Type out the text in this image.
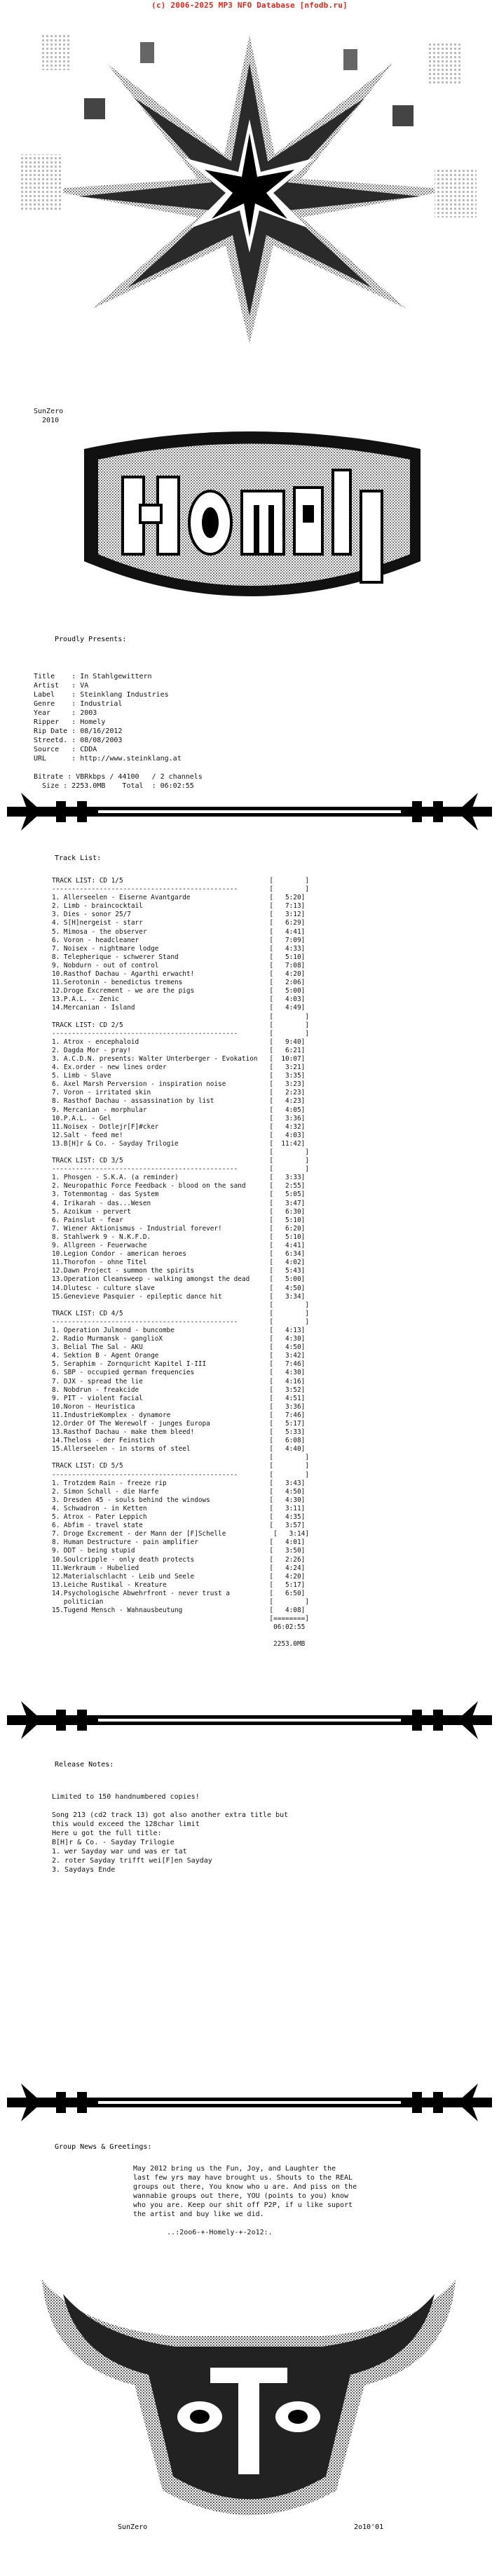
(c) 2006-2025 MP3 NFO Database [nfodb.ru]
SunZero
2010
Proudly Presents:
Title    : In Stahlgewittern
Artist   : VA
Label    : Steinklang Industries
Genre    : Industrial
Year     : 2003
Ripper   : Homely
Rip Date : 08/16/2012
Streetd. : 08/08/2003
Source   : CDDA
URL      : http://www.steinklang.at

Bitrate : VBRkbps / 44100   / 2 channels
Size : 2253.0MB    Total  : 06:02:55
Track List:
TRACK LIST: CD 1/5                                     [        ]
-----------------------------------------------        [        ]
1. Allerseelen - Eiserne Avantgarde                    [   5:20]
2. Limb - braincocktail                                [   7:13]
3. Dies - sonor 25/7                                   [   3:12]
4. S[H]nergeist - starr                                [   6:29]
5. Mimosa - the observer                               [   4:41]
6. Voron - headcleaner                                 [   7:09]
7. Noisex - nightmare lodge                            [   4:33]
8. Telepherique - schwerer Stand                       [   5:10]
9. Nobdurn - out of control                            [   7:08]
10.Rasthof Dachau - Agarthi erwacht!                   [   4:20]
11.Serotonin - benedictus tremens                      [   2:06]
12.Droge Excrement - we are the pigs                   [   5:00]
13.P.A.L. - Zenic                                      [   4:03]
14.Mercanian - Island                                  [   4:49]
[        ]
TRACK LIST: CD 2/5                                     [        ]
-----------------------------------------------        [        ]
1. Atrox - encephaloid                                 [   9:40]
2. Dagda Mor - pray!                                   [   6:21]
3. A.C.D.N. presents: Walter Unterberger - Evokation   [  10:07]
4. Ex.order - new lines order                          [   3:21]
5. Limb - Slave                                        [   3:35]
6. Axel Marsh Perversion - inspiration noise           [   3:23]
7. Voron - irritated skin                              [   2:23]
8. Rasthof Dachau - assassination by list              [   4:23]
9. Mercanian - morphular                               [   4:05]
10.P.A.L. - Gel                                        [   3:36]
11.Noisex - Dotlejr[F]#cker                            [   4:32]
12.Salt - feed me!                                     [   4:03]
13.B[H]r & Co. - Sayday Trilogie                       [  11:42]
[        ]
TRACK LIST: CD 3/5                                     [        ]
-----------------------------------------------        [        ]
1. Phosgen - S.K.A. (a reminder)                       [   3:33]
2. Neuropathic Force Feedback - blood on the sand      [   2:55]
3. Totenmontag - das System                            [   5:05]
4. Irikarah - das...Wesen                              [   3:47]
5. Azoikum - pervert                                   [   6:30]
6. Painslut - fear                                     [   5:10]
7. Wiener Aktionismus - Industrial forever!            [   6:20]
8. Stahlwerk 9 - N.K.F.D.                              [   5:10]
9. Allgreen - Feuerwache                               [   4:41]
10.Legion Condor - american heroes                     [   6:34]
11.Thorofon - ohne Titel                               [   4:02]
12.Dawn Project - summon the spirits                   [   5:43]
13.Operation Cleansweep - walking amongst the dead     [   5:00]
14.Dlutesc - culture slave                             [   4:50]
15.Genevieve Pasquier - epileptic dance hit            [   3:34]
[        ]
TRACK LIST: CD 4/5                                     [        ]
-----------------------------------------------        [        ]
1. Operation Julmond - buncombe                        [   4:13]
2. Radio Murmansk - ganglioX                           [   4:30]
3. Belial The Sal - AKU                                [   4:50]
4. Sektion B - Agent Orange                            [   3:42]
5. Seraphim - Zornquricht Kapitel I-III                [   7:46]
6. SBP - occupied german frequencies                   [   4:30]
7. DJX - spread the lie                                [   4:16]
8. Nobdrun - freakcide                                 [   3:52]
9. PIT - violent facial                                [   4:51]
10.Noron - Heuristica                                  [   3:36]
11.IndustrieKomplex - dynamore                         [   7:46]
12.Order Of The Werewolf - junges Europa               [   5:17]
13.Rasthof Dachau - make them bleed!                   [   5:33]
14.Theloss - der Feinstich                             [   6:08]
15.Allerseelen - in storms of steel                    [   4:40]
[        ]
TRACK LIST: CD 5/5                                     [        ]
-----------------------------------------------        [        ]
1. Trotzdem Rain - freeze rip                          [   3:43]
2. Simon Schall - die Harfe                            [   4:50]
3. Dresden 45 - souls behind the windows               [   4:30]
4. Schwadron - in Ketten                               [   3:11]
5. Atrox - Pater Leppich                               [   4:35]
6. Abfim - travel state                                [   3:57]
7. Droge Excrement - der Mann der [F]Schelle            [   3:14]
8. Human Destructure - pain amplifier                  [   4:01]
9. DDT - being stupid                                  [   3:50]
10.Soulcripple - only death protects                   [   2:26]
11.Werkraum - Hubelied                                 [   4:24]
12.Materialschlacht - Leib und Seele                   [   4:20]
13.Leiche Rustikal - Kreature                          [   5:17]
14.Psychologische Abwehrfront - never trust a          [   6:50]
politician                                          [        ]
15.Tugend Mensch - Wahnausbeutung                      [   4:08]
[========]
06:02:55

2253.0MB

Release Notes:
Limited to 150 handnumbered copies!

Song 213 (cd2 track 13) got also another extra title but
this would exceed the 128char limit
Here u got the full title:
B[H]r & Co. - Sayday Trilogie
1. wer Sayday war und was er tat
2. roter Sayday trifft wei[F]en Sayday
3. Saydays Ende
Group News & Greetings:
May 2012 bring us the Fun, Joy, and Laughter the
last few yrs may have brought us. Shouts to the REAL
groups out there, You know who u are. And piss on the
wannabie groups out there, YOU (points to you) know
who you are. Keep our shit off P2P, if u like suport
the artist and buy like we did.

..:2oo6-+-Homely-+-2o12:.
SunZero	2o10'01
